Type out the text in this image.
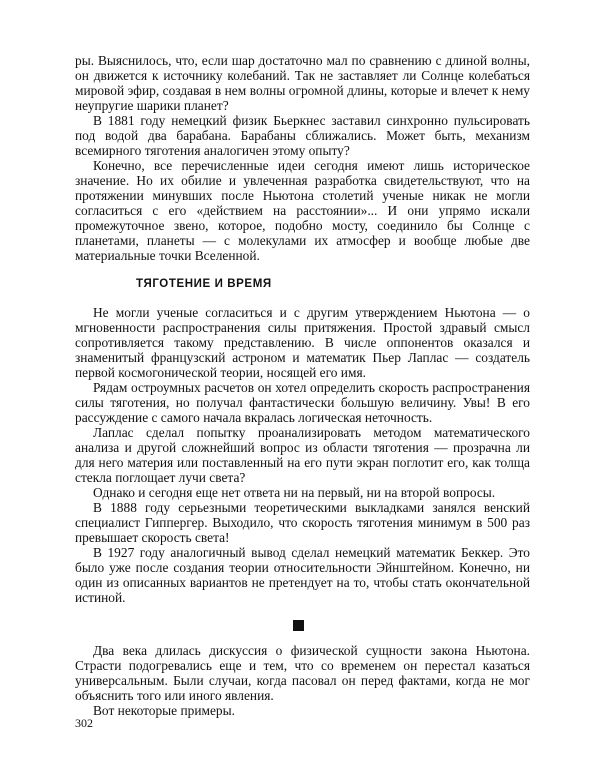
ры. Выяснилось, что, если шар достаточно мал по сравнению с длиной волны, он движется к источнику колебаний. Так не заставляет ли Солнце колебаться мировой эфир, создавая в нем волны огромной длины, которые и влечет к нему неупругие шарики планет?

В 1881 году немецкий физик Бьеркнес заставил синхронно пульсировать под водой два барабана. Барабаны сближались. Может быть, механизм всемирного тяготения аналогичен этому опыту?

Конечно, все перечисленные идеи сегодня имеют лишь историческое значение. Но их обилие и увлеченная разработка свидетельствуют, что на протяжении минувших после Ньютона столетий ученые никак не могли согласиться с его «действием на расстоянии»... И они упрямо искали промежуточное звено, которое, подобно мосту, соединило бы Солнце с планетами, планеты — с молекулами их атмосфер и вообще любые две материальные точки Вселенной.

ТЯГОТЕНИЕ И ВРЕМЯ

Не могли ученые согласиться и с другим утверждением Ньютона — о мгновенности распространения силы притяжения. Простой здравый смысл сопротивляется такому представлению. В числе оппонентов оказался и знаменитый французский астроном и математик Пьер Лаплас — создатель первой космогонической теории, носящей его имя.

Рядам остроумных расчетов он хотел определить скорость распространения силы тяготения, но получал фантастически большую величину. Увы! В его рассуждение с самого начала вкралась логическая неточность.

Лаплас сделал попытку проанализировать методом математического анализа и другой сложнейший вопрос из области тяготения — прозрачна ли для него материя или поставленный на его пути экран поглотит его, как толща стекла поглощает лучи света?

Однако и сегодня еще нет ответа ни на первый, ни на второй вопросы.

В 1888 году серьезными теоретическими выкладками занялся венский специалист Гиппергер. Выходило, что скорость тяготения минимум в 500 раз превышает скорость света!

В 1927 году аналогичный вывод сделал немецкий математик Беккер. Это было уже после создания теории относительности Эйнштейном. Конечно, ни один из описанных вариантов не претендует на то, чтобы стать окончательной истиной.

Два века длилась дискуссия о физической сущности закона Ньютона. Страсти подогревались еще и тем, что со временем он перестал казаться универсальным. Были случаи, когда пасовал он перед фактами, когда не мог объяснить того или иного явления.

Вот некоторые примеры.

302
